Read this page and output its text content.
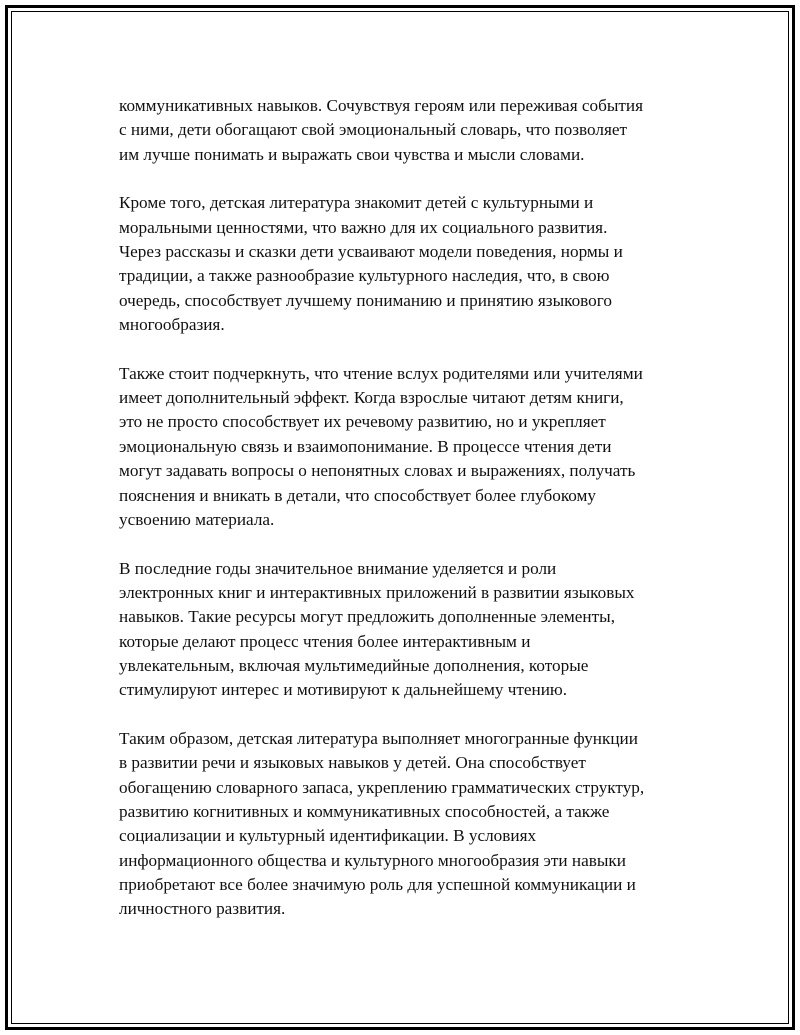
коммуникативных навыков. Сочувствуя героям или переживая события
с ними, дети обогащают свой эмоциональный словарь, что позволяет
им лучше понимать и выражать свои чувства и мысли словами.

Кроме того, детская литература знакомит детей с культурными и
моральными ценностями, что важно для их социального развития.
Через рассказы и сказки дети усваивают модели поведения, нормы и
традиции, а также разнообразие культурного наследия, что, в свою
очередь, способствует лучшему пониманию и принятию языкового
многообразия.

Также стоит подчеркнуть, что чтение вслух родителями или учителями
имеет дополнительный эффект. Когда взрослые читают детям книги,
это не просто способствует их речевому развитию, но и укрепляет
эмоциональную связь и взаимопонимание. В процессе чтения дети
могут задавать вопросы о непонятных словах и выражениях, получать
пояснения и вникать в детали, что способствует более глубокому
усвоению материала.

В последние годы значительное внимание уделяется и роли
электронных книг и интерактивных приложений в развитии языковых
навыков. Такие ресурсы могут предложить дополненные элементы,
которые делают процесс чтения более интерактивным и
увлекательным, включая мультимедийные дополнения, которые
стимулируют интерес и мотивируют к дальнейшему чтению.

Таким образом, детская литература выполняет многогранные функции
в развитии речи и языковых навыков у детей. Она способствует
обогащению словарного запаса, укреплению грамматических структур,
развитию когнитивных и коммуникативных способностей, а также
социализации и культурный идентификации. В условиях
информационного общества и культурного многообразия эти навыки
приобретают все более значимую роль для успешной коммуникации и
личностного развития.
